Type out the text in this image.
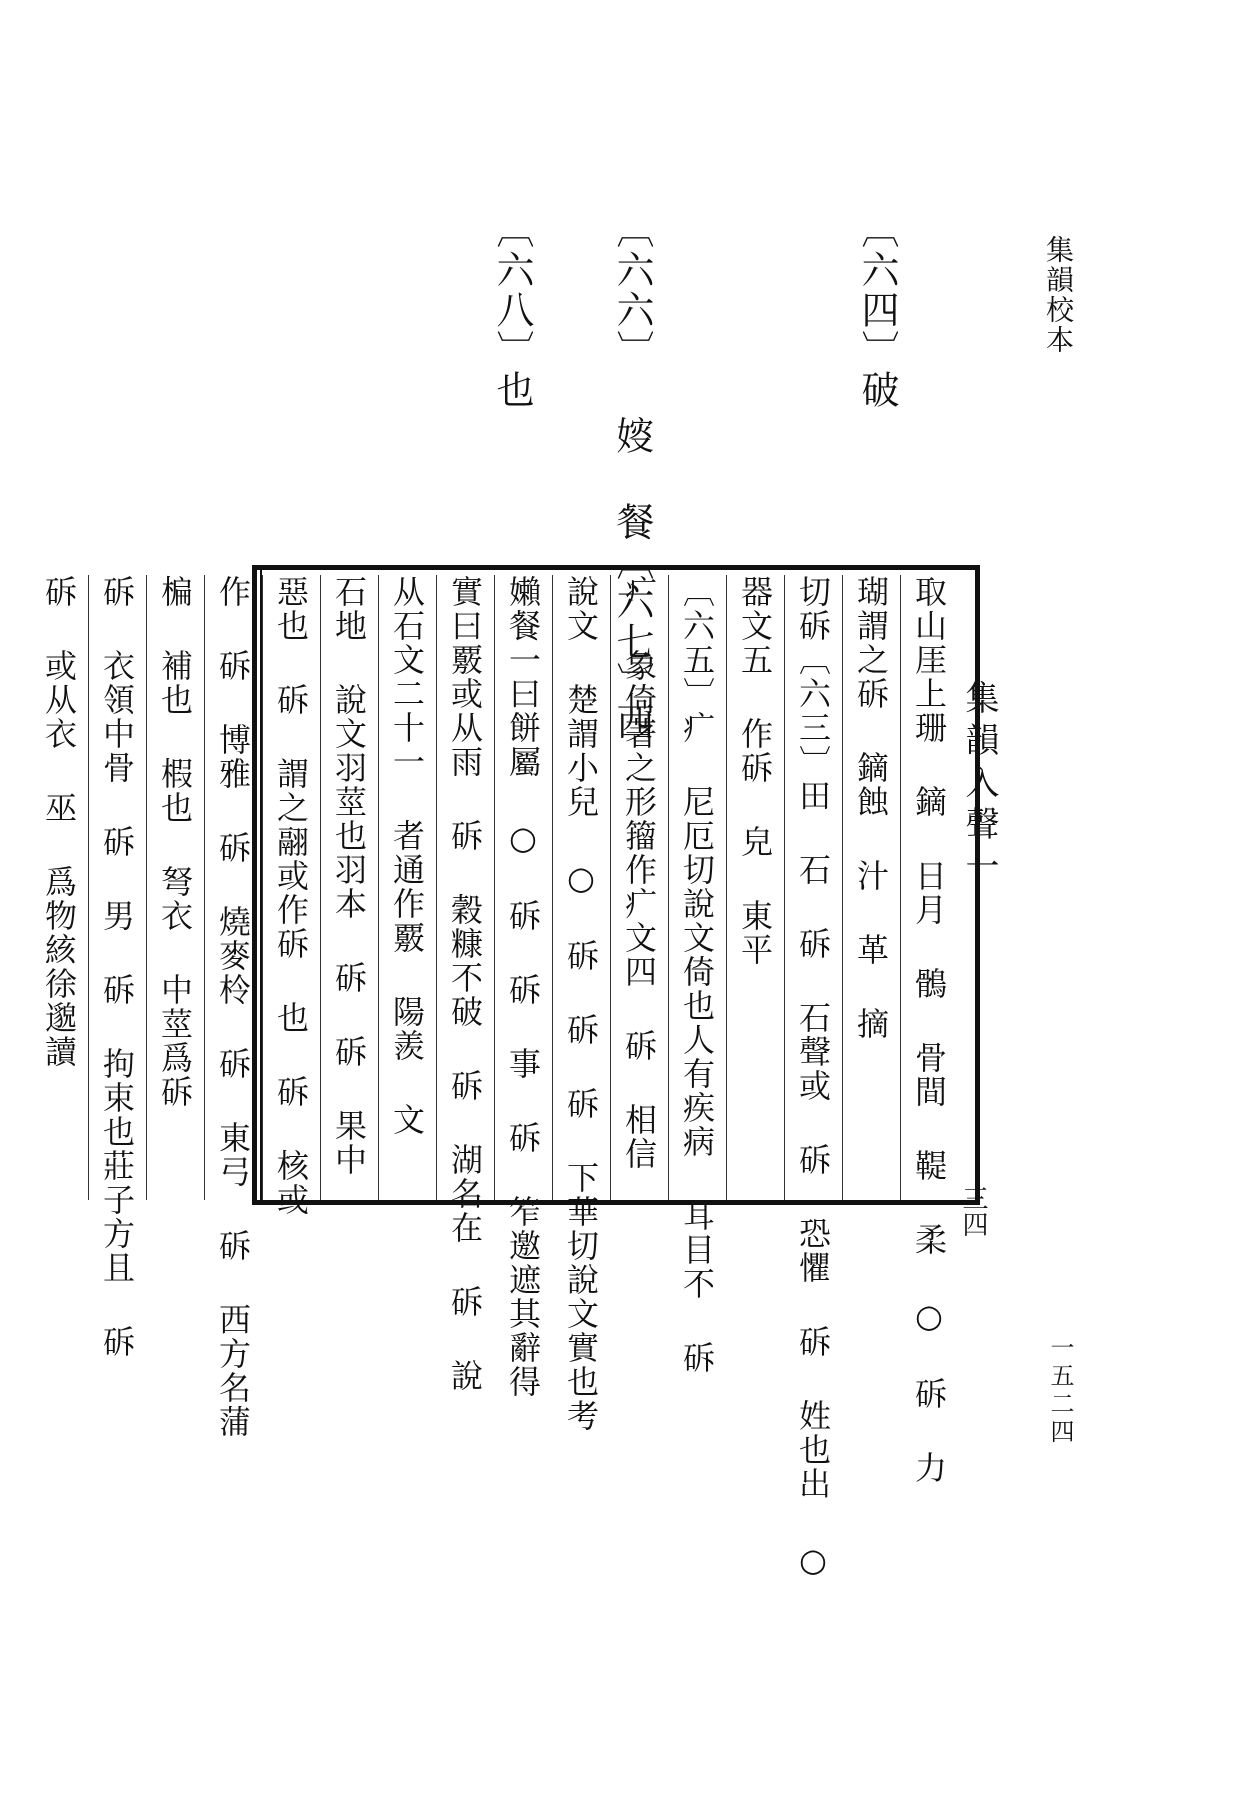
集韻校本
一五二四
〔六四〕破
〔六六〕 㛮 餐〔六七〕西
〔六八〕也
集韻入聲一
三四
取山厓上珊 鏑 日月 鶻 骨間 鞮 柔 ○ 䂨 力
瑚謂之䂨 鏑蝕 汁 革 摘
切䂨〔六三〕田 石 䂨 石聲或 䂨 恐懼 䂨 姓也出 ○
器文五 作䂨 皃 東平
〔六五〕疒 尼厄切說文倚也人有疾病 耳目不 䂨
疒 象倚著之形籀作疒文四 䂨 相信
說文 楚謂小兒 ○ 䂨 䂨 䂨 下華切說文實也考
嬾餐一曰餅屬 ○ 䂨 䂨 事 䂨 笮邀遮其辭得
實曰覈或从雨 䂨 穀糠不破 䂨 湖名在 䂨 說
从石文二十一 者通作覈 陽羨 文
石地 說文羽莖也羽本 䂨 䂨 果中
惡也 䂨 謂之翮或作䂨 也 䂨 核或
作 䂨 博雅 䂨 燒麥柃 䂨 東弓 䂨 西方名蒲
楄 補也 椵也 弩衣 中莖爲䂨
䂨 衣領中骨 䂨 男 䂨 拘束也莊子方且 䂨
䂨 或从衣 巫 爲物絯徐邈讀
